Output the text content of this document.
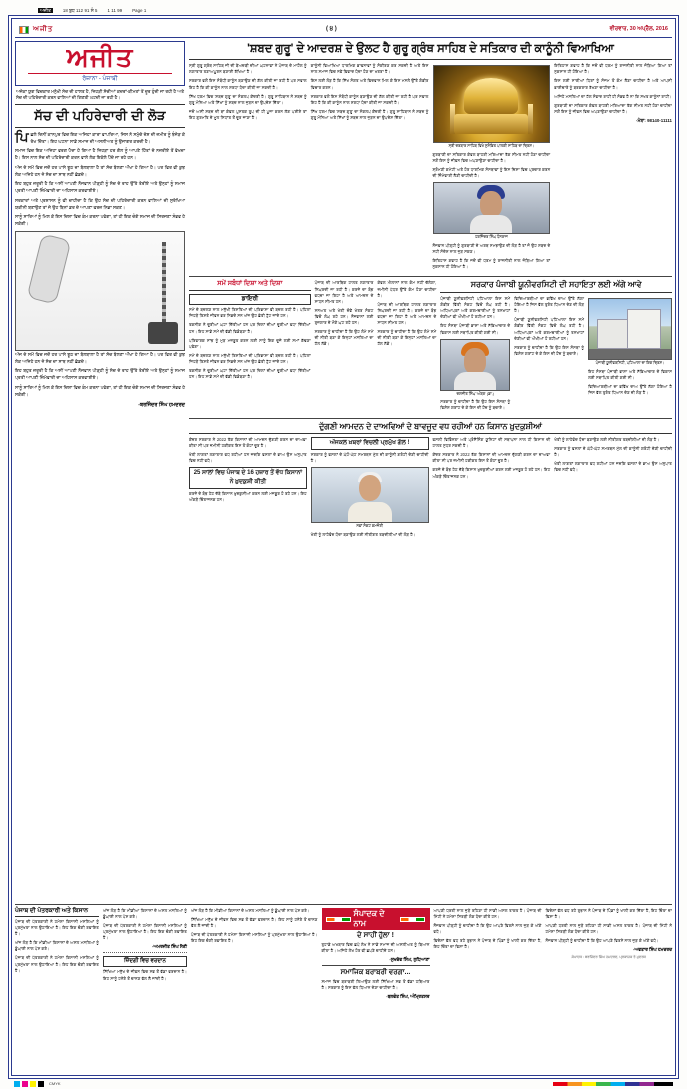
ਅਜੀਤ	18 ਬੁਧ 112 91 ਸੰ 5 1 11 99 Page 1
ਅਜੀਤ	( ੪ )	ਵੀਰਵਾਰ, 30 ਅਪ੍ਰੈਲ, 2016
ਅਜੀਤ
ਰੋਜ਼ਾਨਾ - ਪੰਜਾਬੀ
ਅਜੋਕਾ ਯੁਗ ਵਿਚਕਾਰ ਮਨੁੱਖੀ ਸੋਚ ਦੀ ਹਾਲਤ ਹੈ, ਜਿਹੜੀ ਸੱਚੀਆਂ ਕਦਰਾਂ-ਕੀਮਤਾਂ ਤੋਂ ਦੂਰ ਹੁੰਦੀ ਜਾ ਰਹੀ ਹੈ ਅਤੇ ਸੱਚ ਦੀ ਪਹਿਰੇਦਾਰੀ ਕਰਨ ਵਾਲਿਆਂ ਦੀ ਗਿਣਤੀ ਘਟਦੀ ਜਾ ਰਹੀ ਹੈ।
ਸੱਚ ਦੀ ਪਹਿਰੇਦਾਰੀ ਦੀ ਲੋੜ

ਪਿਛਲੇ ਦਿਨੀਂ ਕਾਨਪੁਰ ਵਿਚ ਇਕ ਅਜਿਹਾ ਕਾਰਾ ਵਾਪਰਿਆ, ਜਿਸ ਨੇ ਸਮੁੱਚੇ ਦੇਸ਼ ਦੀ ਜ਼ਮੀਰ ਨੂੰ ਝੰਜੋੜ ਕੇ ਰੱਖ ਦਿੱਤਾ। ਇਹ ਘਟਨਾ ਸਾਡੇ ਸਮਾਜ ਦੀ ਅਸਲੀਅਤ ਨੂੰ ਉਜਾਗਰ ਕਰਦੀ ਹੈ।

ਸਮਾਜ ਵਿਚ ਇਕ ਅਜਿਹਾ ਵਰਗ ਪੈਦਾ ਹੋ ਗਿਆ ਹੈ ਜਿਹੜਾ ਹਰ ਗੱਲ ਨੂੰ ਆਪਣੇ ਹਿੱਤਾਂ ਦੇ ਨਜ਼ਰੀਏ ਤੋਂ ਵੇਖਦਾ ਹੈ। ਇਸ ਨਾਲ ਸੱਚ ਦੀ ਪਹਿਰੇਦਾਰੀ ਕਰਨ ਵਾਲੇ ਲੋਕ ਇਕੱਲੇ ਪੈਂਦੇ ਜਾ ਰਹੇ ਹਨ।

ਅੱਜ ਦੇ ਸਮੇਂ ਵਿਚ ਜਦੋਂ ਹਰ ਪਾਸੇ ਝੂਠ ਦਾ ਬੋਲਬਾਲਾ ਹੈ ਤਾਂ ਸੱਚ ਬੋਲਣਾ ਔਖਾ ਹੋ ਗਿਆ ਹੈ। ਪਰ ਫਿਰ ਵੀ ਕੁਝ ਲੋਕ ਅਜਿਹੇ ਹਨ ਜੋ ਸੱਚ ਦਾ ਸਾਥ ਨਹੀਂ ਛੱਡਦੇ।

ਇਹ ਬਹੁਤ ਜ਼ਰੂਰੀ ਹੈ ਕਿ ਅਸੀਂ ਆਪਣੀ ਨੌਜਵਾਨ ਪੀੜ੍ਹੀ ਨੂੰ ਸੱਚ ਦੇ ਰਾਹ ਉੱਤੇ ਤੋਰੀਏ ਅਤੇ ਉਨ੍ਹਾਂ ਨੂੰ ਸਮਾਜ ਪ੍ਰਤੀ ਆਪਣੀ ਜ਼ਿੰਮੇਵਾਰੀ ਦਾ ਅਹਿਸਾਸ ਕਰਵਾਈਏ।

ਸਰਕਾਰਾਂ ਅਤੇ ਪ੍ਰਸ਼ਾਸਨ ਨੂੰ ਵੀ ਚਾਹੀਦਾ ਹੈ ਕਿ ਉਹ ਸੱਚ ਦੀ ਪਹਿਰੇਦਾਰੀ ਕਰਨ ਵਾਲਿਆਂ ਦੀ ਸੁਰੱਖਿਆ ਯਕੀਨੀ ਬਣਾਉਣ ਤਾਂ ਜੋ ਉਹ ਬਿਨਾਂ ਡਰ ਦੇ ਆਪਣਾ ਫਰਜ਼ ਨਿਭਾ ਸਕਣ।

ਸਾਨੂੰ ਸਾਰਿਆਂ ਨੂੰ ਮਿਲ ਕੇ ਇਸ ਦਿਸ਼ਾ ਵਿਚ ਕੰਮ ਕਰਨਾ ਪਵੇਗਾ, ਤਾਂ ਹੀ ਇਕ ਚੰਗੇ ਸਮਾਜ ਦੀ ਸਿਰਜਣਾ ਸੰਭਵ ਹੋ ਸਕੇਗੀ।

ਅੱਜ ਦੇ ਸਮੇਂ ਵਿਚ ਜਦੋਂ ਹਰ ਪਾਸੇ ਝੂਠ ਦਾ ਬੋਲਬਾਲਾ ਹੈ ਤਾਂ ਸੱਚ ਬੋਲਣਾ ਔਖਾ ਹੋ ਗਿਆ ਹੈ। ਪਰ ਫਿਰ ਵੀ ਕੁਝ ਲੋਕ ਅਜਿਹੇ ਹਨ ਜੋ ਸੱਚ ਦਾ ਸਾਥ ਨਹੀਂ ਛੱਡਦੇ।

ਇਹ ਬਹੁਤ ਜ਼ਰੂਰੀ ਹੈ ਕਿ ਅਸੀਂ ਆਪਣੀ ਨੌਜਵਾਨ ਪੀੜ੍ਹੀ ਨੂੰ ਸੱਚ ਦੇ ਰਾਹ ਉੱਤੇ ਤੋਰੀਏ ਅਤੇ ਉਨ੍ਹਾਂ ਨੂੰ ਸਮਾਜ ਪ੍ਰਤੀ ਆਪਣੀ ਜ਼ਿੰਮੇਵਾਰੀ ਦਾ ਅਹਿਸਾਸ ਕਰਵਾਈਏ।

ਸਾਨੂੰ ਸਾਰਿਆਂ ਨੂੰ ਮਿਲ ਕੇ ਇਸ ਦਿਸ਼ਾ ਵਿਚ ਕੰਮ ਕਰਨਾ ਪਵੇਗਾ, ਤਾਂ ਹੀ ਇਕ ਚੰਗੇ ਸਮਾਜ ਦੀ ਸਿਰਜਣਾ ਸੰਭਵ ਹੋ ਸਕੇਗੀ।

-ਬਰਜਿੰਦਰ ਸਿੰਘ ਹਮਦਰਦ
'ਸ਼ਬਦ ਗੁਰੂ' ਦੇ ਆਦਰਸ਼ ਦੇ ਉਲਟ ਹੈ ਗੁਰੂ ਗ੍ਰੰਥ ਸਾਹਿਬ ਦੇ ਸਤਿਕਾਰ ਦੀ ਕਾਨੂੰਨੀ ਵਿਆਖਿਆ

ਸ੍ਰੀ ਗੁਰੂ ਗ੍ਰੰਥ ਸਾਹਿਬ ਜੀ ਦੀ ਬੇਅਦਬੀ ਦੀਆਂ ਘਟਨਾਵਾਂ ਨੇ ਪੰਜਾਬ ਦੇ ਮਾਹੌਲ ਨੂੰ ਲਗਾਤਾਰ ਤਣਾਅਪੂਰਨ ਬਣਾਈ ਰੱਖਿਆ ਹੈ।

ਸਰਕਾਰ ਵਲੋਂ ਇਸ ਸੰਬੰਧੀ ਕਾਨੂੰਨ ਬਣਾਉਣ ਦੀ ਗੱਲ ਕੀਤੀ ਜਾ ਰਹੀ ਹੈ ਪਰ ਸਵਾਲ ਇਹ ਹੈ ਕਿ ਕੀ ਕਾਨੂੰਨ ਨਾਲ ਸ਼ਰਧਾ ਪੈਦਾ ਕੀਤੀ ਜਾ ਸਕਦੀ ਹੈ।

ਸਿੱਖ ਧਰਮ ਵਿਚ 'ਸ਼ਬਦ ਗੁਰੂ' ਦਾ ਸੰਕਲਪ ਕੇਂਦਰੀ ਹੈ। ਗੁਰੂ ਸਾਹਿਬਾਨ ਨੇ ਸ਼ਬਦ ਨੂੰ ਗੁਰੂ ਮੰਨਿਆ ਅਤੇ ਸਿੱਖਾਂ ਨੂੰ ਸ਼ਬਦ ਨਾਲ ਜੁੜਨ ਦਾ ਉਪਦੇਸ਼ ਦਿੱਤਾ।

ਜਦੋਂ ਅਸੀਂ ਸ਼ਬਦ ਦੀ ਥਾਂ ਕੇਵਲ ਪੁਸਤਕ ਰੂਪ ਦੀ ਹੀ ਪੂਜਾ ਕਰਨ ਲੱਗ ਪਈਏ ਤਾਂ ਇਹ ਗੁਰਮਤਿ ਦੇ ਮੂਲ ਸਿਧਾਂਤ ਤੋਂ ਦੂਰ ਜਾਣਾ ਹੈ।

ਕਾਨੂੰਨੀ ਵਿਆਖਿਆ ਧਾਰਮਿਕ ਭਾਵਨਾਵਾਂ ਨੂੰ ਸੰਕੀਰਣ ਕਰ ਸਕਦੀ ਹੈ ਅਤੇ ਇਸ ਨਾਲ ਸਮਾਜ ਵਿਚ ਨਵੇਂ ਵਿਵਾਦ ਪੈਦਾ ਹੋਣ ਦਾ ਖਤਰਾ ਹੈ।

ਇਸ ਲਈ ਲੋੜ ਹੈ ਕਿ ਸਿੱਖ ਸੰਗਤ ਅਤੇ ਵਿਦਵਾਨ ਮਿਲ ਕੇ ਇਸ ਮਸਲੇ ਉੱਤੇ ਗੰਭੀਰ ਵਿਚਾਰ ਕਰਨ।

ਸਰਕਾਰ ਵਲੋਂ ਇਸ ਸੰਬੰਧੀ ਕਾਨੂੰਨ ਬਣਾਉਣ ਦੀ ਗੱਲ ਕੀਤੀ ਜਾ ਰਹੀ ਹੈ ਪਰ ਸਵਾਲ ਇਹ ਹੈ ਕਿ ਕੀ ਕਾਨੂੰਨ ਨਾਲ ਸ਼ਰਧਾ ਪੈਦਾ ਕੀਤੀ ਜਾ ਸਕਦੀ ਹੈ।

ਸਿੱਖ ਧਰਮ ਵਿਚ 'ਸ਼ਬਦ ਗੁਰੂ' ਦਾ ਸੰਕਲਪ ਕੇਂਦਰੀ ਹੈ। ਗੁਰੂ ਸਾਹਿਬਾਨ ਨੇ ਸ਼ਬਦ ਨੂੰ ਗੁਰੂ ਮੰਨਿਆ ਅਤੇ ਸਿੱਖਾਂ ਨੂੰ ਸ਼ਬਦ ਨਾਲ ਜੁੜਨ ਦਾ ਉਪਦੇਸ਼ ਦਿੱਤਾ।

ਸ੍ਰੀ ਦਰਬਾਰ ਸਾਹਿਬ ਵਿਖੇ ਸੁਸ਼ੋਭਿਤ ਪਾਲਕੀ ਸਾਹਿਬ ਦਾ ਦ੍ਰਿਸ਼।

ਗੁਰਬਾਣੀ ਦਾ ਸਤਿਕਾਰ ਕੇਵਲ ਬਾਹਰੀ ਮਰਿਆਦਾ ਤੱਕ ਸੀਮਤ ਨਹੀਂ ਹੋਣਾ ਚਾਹੀਦਾ ਸਗੋਂ ਇਸ ਨੂੰ ਜੀਵਨ ਵਿਚ ਅਪਣਾਉਣਾ ਚਾਹੀਦਾ ਹੈ।

ਸ਼੍ਰੋਮਣੀ ਕਮੇਟੀ ਅਤੇ ਹੋਰ ਧਾਰਮਿਕ ਸੰਸਥਾਵਾਂ ਨੂੰ ਇਸ ਦਿਸ਼ਾ ਵਿਚ ਪ੍ਰਚਾਰ ਕਰਨ ਦੀ ਜ਼ਿੰਮੇਵਾਰੀ ਲੈਣੀ ਚਾਹੀਦੀ ਹੈ।

ਹਰਜਿੰਦਰ ਸਿੰਘ ਧੰਨਰਾਜ

ਨੌਜਵਾਨ ਪੀੜ੍ਹੀ ਨੂੰ ਗੁਰਬਾਣੀ ਦੇ ਅਰਥ ਸਮਝਾਉਣ ਦੀ ਲੋੜ ਹੈ ਤਾਂ ਜੋ ਉਹ ਸ਼ਬਦ ਦੇ ਸਹੀ ਸੰਦੇਸ਼ ਨਾਲ ਜੁੜ ਸਕਣ।

ਇਤਿਹਾਸ ਗਵਾਹ ਹੈ ਕਿ ਜਦੋਂ ਵੀ ਧਰਮ ਨੂੰ ਰਾਜਨੀਤੀ ਨਾਲ ਜੋੜਿਆ ਗਿਆ ਤਾਂ ਨੁਕਸਾਨ ਹੀ ਹੋਇਆ ਹੈ।

ਇਤਿਹਾਸ ਗਵਾਹ ਹੈ ਕਿ ਜਦੋਂ ਵੀ ਧਰਮ ਨੂੰ ਰਾਜਨੀਤੀ ਨਾਲ ਜੋੜਿਆ ਗਿਆ ਤਾਂ ਨੁਕਸਾਨ ਹੀ ਹੋਇਆ ਹੈ।

ਇਸ ਲਈ ਸਾਰੀਆਂ ਧਿਰਾਂ ਨੂੰ ਸੰਜਮ ਤੋਂ ਕੰਮ ਲੈਣਾ ਚਾਹੀਦਾ ਹੈ ਅਤੇ ਆਪਸੀ ਭਾਈਚਾਰੇ ਨੂੰ ਬਰਕਰਾਰ ਰੱਖਣਾ ਚਾਹੀਦਾ ਹੈ।

ਅਜਿਹੇ ਮਸਲਿਆਂ ਦਾ ਹੱਲ ਸੰਵਾਦ ਰਾਹੀਂ ਹੀ ਸੰਭਵ ਹੈ ਨਾ ਕਿ ਸਖਤ ਕਾਨੂੰਨਾਂ ਰਾਹੀਂ।

ਗੁਰਬਾਣੀ ਦਾ ਸਤਿਕਾਰ ਕੇਵਲ ਬਾਹਰੀ ਮਰਿਆਦਾ ਤੱਕ ਸੀਮਤ ਨਹੀਂ ਹੋਣਾ ਚਾਹੀਦਾ ਸਗੋਂ ਇਸ ਨੂੰ ਜੀਵਨ ਵਿਚ ਅਪਣਾਉਣਾ ਚਾਹੀਦਾ ਹੈ।

-ਮੋਬਾ: 98140-11111
ਸਮੇਂ ਸਬੰਧਾਂ ਦਿਸ਼ਾ ਅਤੇ ਦਿਸ਼ਾ
ਡਾਇਰੀ

ਸਮੇਂ ਦੇ ਬਦਲਣ ਨਾਲ ਮਨੁੱਖੀ ਰਿਸ਼ਤਿਆਂ ਦੀ ਪਰਿਭਾਸ਼ਾ ਵੀ ਬਦਲ ਰਹੀ ਹੈ। ਪਹਿਲਾਂ ਜਿਹੜੇ ਰਿਸ਼ਤੇ ਜੀਵਨ ਭਰ ਨਿਭਦੇ ਸਨ ਅੱਜ ਉਹ ਛੇਤੀ ਟੁੱਟ ਜਾਂਦੇ ਹਨ।

ਤਕਨੀਕ ਨੇ ਦੂਰੀਆਂ ਘਟਾ ਦਿੱਤੀਆਂ ਹਨ ਪਰ ਦਿਲਾਂ ਦੀਆਂ ਦੂਰੀਆਂ ਵਧਾ ਦਿੱਤੀਆਂ ਹਨ। ਇਹ ਸਾਡੇ ਸਮੇਂ ਦੀ ਵੱਡੀ ਵਿਡੰਬਣਾ ਹੈ।

ਪਰਿਵਾਰਕ ਸਾਂਝ ਨੂੰ ਮੁੜ ਮਜ਼ਬੂਤ ਕਰਨ ਲਈ ਸਾਨੂੰ ਇਕ ਦੂਜੇ ਲਈ ਸਮਾਂ ਕੱਢਣਾ ਪਵੇਗਾ।

ਸਮੇਂ ਦੇ ਬਦਲਣ ਨਾਲ ਮਨੁੱਖੀ ਰਿਸ਼ਤਿਆਂ ਦੀ ਪਰਿਭਾਸ਼ਾ ਵੀ ਬਦਲ ਰਹੀ ਹੈ। ਪਹਿਲਾਂ ਜਿਹੜੇ ਰਿਸ਼ਤੇ ਜੀਵਨ ਭਰ ਨਿਭਦੇ ਸਨ ਅੱਜ ਉਹ ਛੇਤੀ ਟੁੱਟ ਜਾਂਦੇ ਹਨ।

ਤਕਨੀਕ ਨੇ ਦੂਰੀਆਂ ਘਟਾ ਦਿੱਤੀਆਂ ਹਨ ਪਰ ਦਿਲਾਂ ਦੀਆਂ ਦੂਰੀਆਂ ਵਧਾ ਦਿੱਤੀਆਂ ਹਨ। ਇਹ ਸਾਡੇ ਸਮੇਂ ਦੀ ਵੱਡੀ ਵਿਡੰਬਣਾ ਹੈ।

ਪੰਜਾਬ ਦੀ ਆਰਥਿਕ ਹਾਲਤ ਲਗਾਤਾਰ ਨਿਘਰਦੀ ਜਾ ਰਹੀ ਹੈ। ਕਰਜ਼ੇ ਦਾ ਬੋਝ ਵਧਦਾ ਜਾ ਰਿਹਾ ਹੈ ਅਤੇ ਆਮਦਨ ਦੇ ਸਾਧਨ ਸੀਮਤ ਹਨ।

ਸਨਅਤ ਅਤੇ ਖੇਤੀ ਦੋਵੇਂ ਖੇਤਰ ਸੰਕਟ ਵਿਚੋਂ ਲੰਘ ਰਹੇ ਹਨ। ਨੌਜਵਾਨਾਂ ਲਈ ਰੁਜ਼ਗਾਰ ਦੇ ਮੌਕੇ ਘਟ ਰਹੇ ਹਨ।

ਸਰਕਾਰ ਨੂੰ ਚਾਹੀਦਾ ਹੈ ਕਿ ਉਹ ਲੰਮੇ ਸਮੇਂ ਦੀ ਨੀਤੀ ਬਣਾ ਕੇ ਇਨ੍ਹਾਂ ਮਸਲਿਆਂ ਦਾ ਹੱਲ ਲੱਭੇ।

ਕੇਵਲ ਐਲਾਨਾਂ ਨਾਲ ਕੰਮ ਨਹੀਂ ਚੱਲੇਗਾ, ਜ਼ਮੀਨੀ ਪੱਧਰ ਉੱਤੇ ਕੰਮ ਹੋਣਾ ਚਾਹੀਦਾ ਹੈ।

ਪੰਜਾਬ ਦੀ ਆਰਥਿਕ ਹਾਲਤ ਲਗਾਤਾਰ ਨਿਘਰਦੀ ਜਾ ਰਹੀ ਹੈ। ਕਰਜ਼ੇ ਦਾ ਬੋਝ ਵਧਦਾ ਜਾ ਰਿਹਾ ਹੈ ਅਤੇ ਆਮਦਨ ਦੇ ਸਾਧਨ ਸੀਮਤ ਹਨ।

ਸਰਕਾਰ ਨੂੰ ਚਾਹੀਦਾ ਹੈ ਕਿ ਉਹ ਲੰਮੇ ਸਮੇਂ ਦੀ ਨੀਤੀ ਬਣਾ ਕੇ ਇਨ੍ਹਾਂ ਮਸਲਿਆਂ ਦਾ ਹੱਲ ਲੱਭੇ।

ਸਰਕਾਰ ਪੰਜਾਬੀ ਯੂਨੀਵਰਸਿਟੀ ਦੀ ਸਹਾਇਤਾ ਲਈ ਅੱਗੇ ਆਵੇ

ਪੰਜਾਬੀ ਯੂਨੀਵਰਸਿਟੀ ਪਟਿਆਲਾ ਇਸ ਸਮੇਂ ਗੰਭੀਰ ਵਿੱਤੀ ਸੰਕਟ ਵਿਚੋਂ ਲੰਘ ਰਹੀ ਹੈ। ਅਧਿਆਪਕਾਂ ਅਤੇ ਕਰਮਚਾਰੀਆਂ ਨੂੰ ਤਨਖਾਹਾਂ ਦੇਣੀਆਂ ਵੀ ਔਖੀਆਂ ਹੋ ਰਹੀਆਂ ਹਨ।

ਇਹ ਸੰਸਥਾ ਪੰਜਾਬੀ ਭਾਸ਼ਾ ਅਤੇ ਸੱਭਿਆਚਾਰ ਦੇ ਵਿਕਾਸ ਲਈ ਸਥਾਪਿਤ ਕੀਤੀ ਗਈ ਸੀ।

ਦਲਜੀਤ ਸਿੰਘ 'ਅੰਬਰ' (ਡਾ.)

ਸਰਕਾਰ ਨੂੰ ਚਾਹੀਦਾ ਹੈ ਕਿ ਉਹ ਇਸ ਸੰਸਥਾ ਨੂੰ ਵਿਸ਼ੇਸ਼ ਗਰਾਂਟ ਦੇ ਕੇ ਇਸ ਦੀ ਹੋਂਦ ਨੂੰ ਬਚਾਏ।

ਵਿਦਿਆਰਥੀਆਂ ਦਾ ਭਵਿੱਖ ਦਾਅ ਉੱਤੇ ਲੱਗਾ ਹੋਇਆ ਹੈ ਜਿਸ ਵੱਲ ਤੁਰੰਤ ਧਿਆਨ ਦੇਣ ਦੀ ਲੋੜ ਹੈ।

ਪੰਜਾਬੀ ਯੂਨੀਵਰਸਿਟੀ ਪਟਿਆਲਾ ਇਸ ਸਮੇਂ ਗੰਭੀਰ ਵਿੱਤੀ ਸੰਕਟ ਵਿਚੋਂ ਲੰਘ ਰਹੀ ਹੈ। ਅਧਿਆਪਕਾਂ ਅਤੇ ਕਰਮਚਾਰੀਆਂ ਨੂੰ ਤਨਖਾਹਾਂ ਦੇਣੀਆਂ ਵੀ ਔਖੀਆਂ ਹੋ ਰਹੀਆਂ ਹਨ।

ਸਰਕਾਰ ਨੂੰ ਚਾਹੀਦਾ ਹੈ ਕਿ ਉਹ ਇਸ ਸੰਸਥਾ ਨੂੰ ਵਿਸ਼ੇਸ਼ ਗਰਾਂਟ ਦੇ ਕੇ ਇਸ ਦੀ ਹੋਂਦ ਨੂੰ ਬਚਾਏ।

ਪੰਜਾਬੀ ਯੂਨੀਵਰਸਿਟੀ, ਪਟਿਆਲਾ ਦਾ ਇਕ ਦ੍ਰਿਸ਼।

ਇਹ ਸੰਸਥਾ ਪੰਜਾਬੀ ਭਾਸ਼ਾ ਅਤੇ ਸੱਭਿਆਚਾਰ ਦੇ ਵਿਕਾਸ ਲਈ ਸਥਾਪਿਤ ਕੀਤੀ ਗਈ ਸੀ।

ਵਿਦਿਆਰਥੀਆਂ ਦਾ ਭਵਿੱਖ ਦਾਅ ਉੱਤੇ ਲੱਗਾ ਹੋਇਆ ਹੈ ਜਿਸ ਵੱਲ ਤੁਰੰਤ ਧਿਆਨ ਦੇਣ ਦੀ ਲੋੜ ਹੈ।

ਦੁੱਗਣੀ ਆਮਦਨ ਦੇ ਦਾਅਵਿਆਂ ਦੇ ਬਾਵਜੂਦ ਵਧ ਰਹੀਆਂ ਹਨ ਕਿਸਾਨ ਖ਼ੁਦਕੁਸ਼ੀਆਂ

ਕੇਂਦਰ ਸਰਕਾਰ ਨੇ 2022 ਤੱਕ ਕਿਸਾਨਾਂ ਦੀ ਆਮਦਨ ਦੁੱਗਣੀ ਕਰਨ ਦਾ ਦਾਅਵਾ ਕੀਤਾ ਸੀ ਪਰ ਜ਼ਮੀਨੀ ਹਕੀਕਤ ਇਸ ਤੋਂ ਕੋਹਾਂ ਦੂਰ ਹੈ।

ਖੇਤੀ ਲਾਗਤਾਂ ਲਗਾਤਾਰ ਵਧ ਰਹੀਆਂ ਹਨ ਜਦਕਿ ਫਸਲਾਂ ਦੇ ਭਾਅ ਉਸ ਅਨੁਪਾਤ ਵਿਚ ਨਹੀਂ ਵਧੇ।

25 ਸਾਲਾਂ ਵਿਚ ਪੰਜਾਬ ਦੇ 16 ਹਜ਼ਾਰ ਤੋਂ ਵੱਧ ਕਿਸਾਨਾਂ ਨੇ ਖ਼ੁਦਕੁਸ਼ੀ ਕੀਤੀ

ਕਰਜ਼ੇ ਦੇ ਬੋਝ ਹੇਠ ਦੱਬੇ ਕਿਸਾਨ ਖ਼ੁਦਕੁਸ਼ੀਆਂ ਕਰਨ ਲਈ ਮਜਬੂਰ ਹੋ ਰਹੇ ਹਨ। ਇਹ ਅੰਕੜੇ ਚਿੰਤਾਜਨਕ ਹਨ।

ਅੱਜਕਲ ਖ਼ਬਰਾਂ ਵਿਚਲੀ ਪ੍ਰਮੁੱਖ ਗੱਲ !

ਸਰਕਾਰ ਨੂੰ ਫਸਲਾਂ ਦੇ ਘੱਟੋ-ਘੱਟ ਸਮਰਥਨ ਮੁੱਲ ਦੀ ਕਾਨੂੰਨੀ ਗਰੰਟੀ ਦੇਣੀ ਚਾਹੀਦੀ ਹੈ।

ਨਵਾਂ ਸੰਕਟ ਕਮਜ਼ੋਰੀ

ਖੇਤੀ ਨੂੰ ਲਾਹੇਵੰਦ ਧੰਦਾ ਬਣਾਉਣ ਲਈ ਨੀਤੀਗਤ ਤਬਦੀਲੀਆਂ ਦੀ ਲੋੜ ਹੈ।

ਫਸਲੀ ਵਿਭਿੰਨਤਾ ਅਤੇ ਪ੍ਰੋਸੈਸਿੰਗ ਯੂਨਿਟਾਂ ਦੀ ਸਥਾਪਨਾ ਨਾਲ ਹੀ ਕਿਸਾਨ ਦੀ ਹਾਲਤ ਸੁਧਰ ਸਕਦੀ ਹੈ।

ਕੇਂਦਰ ਸਰਕਾਰ ਨੇ 2022 ਤੱਕ ਕਿਸਾਨਾਂ ਦੀ ਆਮਦਨ ਦੁੱਗਣੀ ਕਰਨ ਦਾ ਦਾਅਵਾ ਕੀਤਾ ਸੀ ਪਰ ਜ਼ਮੀਨੀ ਹਕੀਕਤ ਇਸ ਤੋਂ ਕੋਹਾਂ ਦੂਰ ਹੈ।

ਕਰਜ਼ੇ ਦੇ ਬੋਝ ਹੇਠ ਦੱਬੇ ਕਿਸਾਨ ਖ਼ੁਦਕੁਸ਼ੀਆਂ ਕਰਨ ਲਈ ਮਜਬੂਰ ਹੋ ਰਹੇ ਹਨ। ਇਹ ਅੰਕੜੇ ਚਿੰਤਾਜਨਕ ਹਨ।

ਖੇਤੀ ਨੂੰ ਲਾਹੇਵੰਦ ਧੰਦਾ ਬਣਾਉਣ ਲਈ ਨੀਤੀਗਤ ਤਬਦੀਲੀਆਂ ਦੀ ਲੋੜ ਹੈ।

ਸਰਕਾਰ ਨੂੰ ਫਸਲਾਂ ਦੇ ਘੱਟੋ-ਘੱਟ ਸਮਰਥਨ ਮੁੱਲ ਦੀ ਕਾਨੂੰਨੀ ਗਰੰਟੀ ਦੇਣੀ ਚਾਹੀਦੀ ਹੈ।

ਖੇਤੀ ਲਾਗਤਾਂ ਲਗਾਤਾਰ ਵਧ ਰਹੀਆਂ ਹਨ ਜਦਕਿ ਫਸਲਾਂ ਦੇ ਭਾਅ ਉਸ ਅਨੁਪਾਤ ਵਿਚ ਨਹੀਂ ਵਧੇ।

ਪੰਜਾਬ ਦੀ ਪੱਤਰਕਾਰੀ ਅਤੇ ਕਿਸਾਨ

ਪੰਜਾਬ ਦੀ ਪੱਤਰਕਾਰੀ ਨੇ ਹਮੇਸ਼ਾ ਕਿਸਾਨੀ ਮਸਲਿਆਂ ਨੂੰ ਪ੍ਰਮੁੱਖਤਾ ਨਾਲ ਉਠਾਇਆ ਹੈ। ਇਹ ਇਕ ਚੰਗੀ ਰਵਾਇਤ ਹੈ।

ਅੱਜ ਲੋੜ ਹੈ ਕਿ ਮੀਡੀਆ ਕਿਸਾਨਾਂ ਦੇ ਅਸਲ ਮਸਲਿਆਂ ਨੂੰ ਡੂੰਘਾਈ ਨਾਲ ਪੇਸ਼ ਕਰੇ।

ਪੰਜਾਬ ਦੀ ਪੱਤਰਕਾਰੀ ਨੇ ਹਮੇਸ਼ਾ ਕਿਸਾਨੀ ਮਸਲਿਆਂ ਨੂੰ ਪ੍ਰਮੁੱਖਤਾ ਨਾਲ ਉਠਾਇਆ ਹੈ। ਇਹ ਇਕ ਚੰਗੀ ਰਵਾਇਤ ਹੈ।

ਅੱਜ ਲੋੜ ਹੈ ਕਿ ਮੀਡੀਆ ਕਿਸਾਨਾਂ ਦੇ ਅਸਲ ਮਸਲਿਆਂ ਨੂੰ ਡੂੰਘਾਈ ਨਾਲ ਪੇਸ਼ ਕਰੇ।

ਪੰਜਾਬ ਦੀ ਪੱਤਰਕਾਰੀ ਨੇ ਹਮੇਸ਼ਾ ਕਿਸਾਨੀ ਮਸਲਿਆਂ ਨੂੰ ਪ੍ਰਮੁੱਖਤਾ ਨਾਲ ਉਠਾਇਆ ਹੈ। ਇਹ ਇਕ ਚੰਗੀ ਰਵਾਇਤ ਹੈ।

-ਅਮਰਜੀਤ ਸਿੰਘ ਸੈਣੀ
ਜ਼ਿੰਦਗੀ ਵਿਚ ਵਰਦਾਨ

ਸਿੱਖਿਆ ਮਨੁੱਖ ਦੇ ਜੀਵਨ ਵਿਚ ਸਭ ਤੋਂ ਵੱਡਾ ਵਰਦਾਨ ਹੈ। ਇਹ ਸਾਨੂੰ ਹਨੇਰੇ ਤੋਂ ਚਾਨਣ ਵੱਲ ਲੈ ਜਾਂਦੀ ਹੈ।

ਅੱਜ ਲੋੜ ਹੈ ਕਿ ਮੀਡੀਆ ਕਿਸਾਨਾਂ ਦੇ ਅਸਲ ਮਸਲਿਆਂ ਨੂੰ ਡੂੰਘਾਈ ਨਾਲ ਪੇਸ਼ ਕਰੇ।

ਸਿੱਖਿਆ ਮਨੁੱਖ ਦੇ ਜੀਵਨ ਵਿਚ ਸਭ ਤੋਂ ਵੱਡਾ ਵਰਦਾਨ ਹੈ। ਇਹ ਸਾਨੂੰ ਹਨੇਰੇ ਤੋਂ ਚਾਨਣ ਵੱਲ ਲੈ ਜਾਂਦੀ ਹੈ।

ਪੰਜਾਬ ਦੀ ਪੱਤਰਕਾਰੀ ਨੇ ਹਮੇਸ਼ਾ ਕਿਸਾਨੀ ਮਸਲਿਆਂ ਨੂੰ ਪ੍ਰਮੁੱਖਤਾ ਨਾਲ ਉਠਾਇਆ ਹੈ। ਇਹ ਇਕ ਚੰਗੀ ਰਵਾਇਤ ਹੈ।

ਸੰਪਾਦਕ ਦੇ ਨਾਮ
ਦੇ ਸਾਹੀਂ ਹੁੱਲਾ !

ਤੁਹਾਡੇ ਅਖਬਾਰ ਵਿਚ ਛਪੇ ਲੇਖ ਨੇ ਸਾਡੇ ਸਮਾਜ ਦੀ ਅਸਲੀਅਤ ਨੂੰ ਬਿਆਨ ਕੀਤਾ ਹੈ। ਅਜਿਹੇ ਲੇਖ ਹੋਰ ਵੀ ਛਪਣੇ ਚਾਹੀਦੇ ਹਨ।

-ਸੁਖਦੇਵ ਸਿੰਘ, ਲੁਧਿਆਣਾ
ਸਮਾਜਿਕ ਬਰਾਬਰੀ ਵਰਗਾ...

ਸਮਾਜ ਵਿਚ ਬਰਾਬਰੀ ਲਿਆਉਣ ਲਈ ਸਿੱਖਿਆ ਸਭ ਤੋਂ ਵੱਡਾ ਹਥਿਆਰ ਹੈ। ਸਰਕਾਰ ਨੂੰ ਇਸ ਵੱਲ ਧਿਆਨ ਦੇਣਾ ਚਾਹੀਦਾ ਹੈ।

-ਬਲਵੰਤ ਸਿੰਘ, ਅੰਮ੍ਰਿਤਸਰ

ਆਪਣੀ ਧਰਤੀ ਨਾਲ ਜੁੜੇ ਰਹਿਣਾ ਹੀ ਸਾਡੀ ਅਸਲ ਤਾਕਤ ਹੈ। ਪੰਜਾਬ ਦੀ ਮਿੱਟੀ ਨੇ ਹਮੇਸ਼ਾ ਸਿਰੜੀ ਲੋਕ ਪੈਦਾ ਕੀਤੇ ਹਨ।

ਨੌਜਵਾਨ ਪੀੜ੍ਹੀ ਨੂੰ ਚਾਹੀਦਾ ਹੈ ਕਿ ਉਹ ਆਪਣੇ ਵਿਰਸੇ ਨਾਲ ਜੁੜ ਕੇ ਅੱਗੇ ਵਧੇ।

ਵਿਦੇਸ਼ਾਂ ਵੱਲ ਵਧ ਰਹੇ ਰੁਝਾਨ ਨੇ ਪੰਜਾਬ ਦੇ ਪਿੰਡਾਂ ਨੂੰ ਖਾਲੀ ਕਰ ਦਿੱਤਾ ਹੈ, ਇਹ ਚਿੰਤਾ ਦਾ ਵਿਸ਼ਾ ਹੈ।

ਵਿਦੇਸ਼ਾਂ ਵੱਲ ਵਧ ਰਹੇ ਰੁਝਾਨ ਨੇ ਪੰਜਾਬ ਦੇ ਪਿੰਡਾਂ ਨੂੰ ਖਾਲੀ ਕਰ ਦਿੱਤਾ ਹੈ, ਇਹ ਚਿੰਤਾ ਦਾ ਵਿਸ਼ਾ ਹੈ।

ਆਪਣੀ ਧਰਤੀ ਨਾਲ ਜੁੜੇ ਰਹਿਣਾ ਹੀ ਸਾਡੀ ਅਸਲ ਤਾਕਤ ਹੈ। ਪੰਜਾਬ ਦੀ ਮਿੱਟੀ ਨੇ ਹਮੇਸ਼ਾ ਸਿਰੜੀ ਲੋਕ ਪੈਦਾ ਕੀਤੇ ਹਨ।

ਨੌਜਵਾਨ ਪੀੜ੍ਹੀ ਨੂੰ ਚਾਹੀਦਾ ਹੈ ਕਿ ਉਹ ਆਪਣੇ ਵਿਰਸੇ ਨਾਲ ਜੁੜ ਕੇ ਅੱਗੇ ਵਧੇ।

-ਅਵਤਾਰ ਸਿੰਘ ਹਮਦਰਦ
ਸੰਪਾਦਕ : ਬਰਜਿੰਦਰ ਸਿੰਘ ਹਮਦਰਦ, ਪ੍ਰਕਾਸ਼ਕ ਤੇ ਮੁਦਰਕ
CMYK
